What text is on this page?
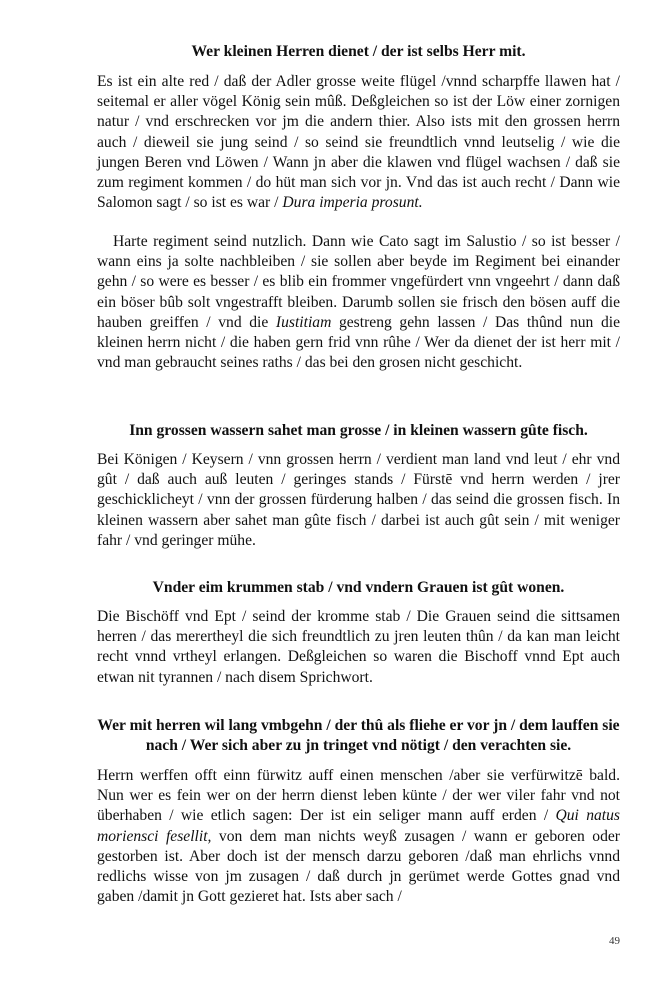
Wer kleinen Herren dienet / der ist selbs Herr mit.

Es ist ein alte red / daß der Adler grosse weite flügel /vnnd scharpffe llawen hat / seitemal er aller vögel König sein mûß. Deßgleichen so ist der Löw einer zornigen natur / vnd erschrecken vor jm die andern thier. Also ists mit den grossen herrn auch / dieweil sie jung seind / so seind sie freundtlich vnnd leutselig / wie die jungen Beren vnd Löwen / Wann jn aber die klawen vnd flügel wachsen / daß sie zum regiment kommen / do hüt man sich vor jn. Vnd das ist auch recht / Dann wie Salomon sagt / so ist es war / Dura imperia prosunt.

Harte regiment seind nutzlich. Dann wie Cato sagt im Salustio / so ist besser / wann eins ja solte nachbleiben / sie sollen aber beyde im Regiment bei einander gehn / so were es besser / es blib ein frommer vngefürdert vnn vngeehrt / dann daß ein böser bûb solt vngestrafft bleiben. Darumb sollen sie frisch den bösen auff die hauben greiffen / vnd die Iustitiam gestreng gehn lassen / Das thûnd nun die kleinen herrn nicht / die haben gern frid vnn rûhe / Wer da dienet der ist herr mit / vnd man gebraucht seines raths / das bei den grosen nicht geschicht.

Inn grossen wassern sahet man grosse / in kleinen wassern gûte fisch.

Bei Königen / Keysern / vnn grossen herrn / verdient man land vnd leut / ehr vnd gût / daß auch auß leuten / geringes stands / Fürstē vnd herrn werden / jrer geschicklicheyt / vnn der grossen fürderung halben / das seind die grossen fisch. In kleinen wassern aber sahet man gûte fisch / darbei ist auch gût sein / mit weniger fahr / vnd geringer mühe.

Vnder eim krummen stab / vnd vndern Grauen ist gût wonen.

Die Bischöff vnd Ept / seind der kromme stab / Die Grauen seind die sittsamen herren / das merertheyl die sich freundtlich zu jren leuten thûn / da kan man leicht recht vnnd vrtheyl erlangen. Deßgleichen so waren die Bischoff vnnd Ept auch etwan nit tyrannen / nach disem Sprichwort.

Wer mit herren wil lang vmbgehn / der thû als fliehe er vor jn / dem lauffen sie nach / Wer sich aber zu jn tringet vnd nötigt / den verachten sie.

Herrn werffen offt einn fürwitz auff einen menschen /aber sie verfürwitzē bald. Nun wer es fein wer on der herrn dienst leben künte / der wer viler fahr vnd not überhaben / wie etlich sagen: Der ist ein seliger mann auff erden / Qui natus moriensci fesellit, von dem man nichts weyß zusagen / wann er geboren oder gestorben ist. Aber doch ist der mensch darzu geboren /daß man ehrlichs vnnd redlichs wisse von jm zusagen / daß durch jn gerümet werde Gottes gnad vnd gaben /damit jn Gott gezieret hat. Ists aber sach /

49
